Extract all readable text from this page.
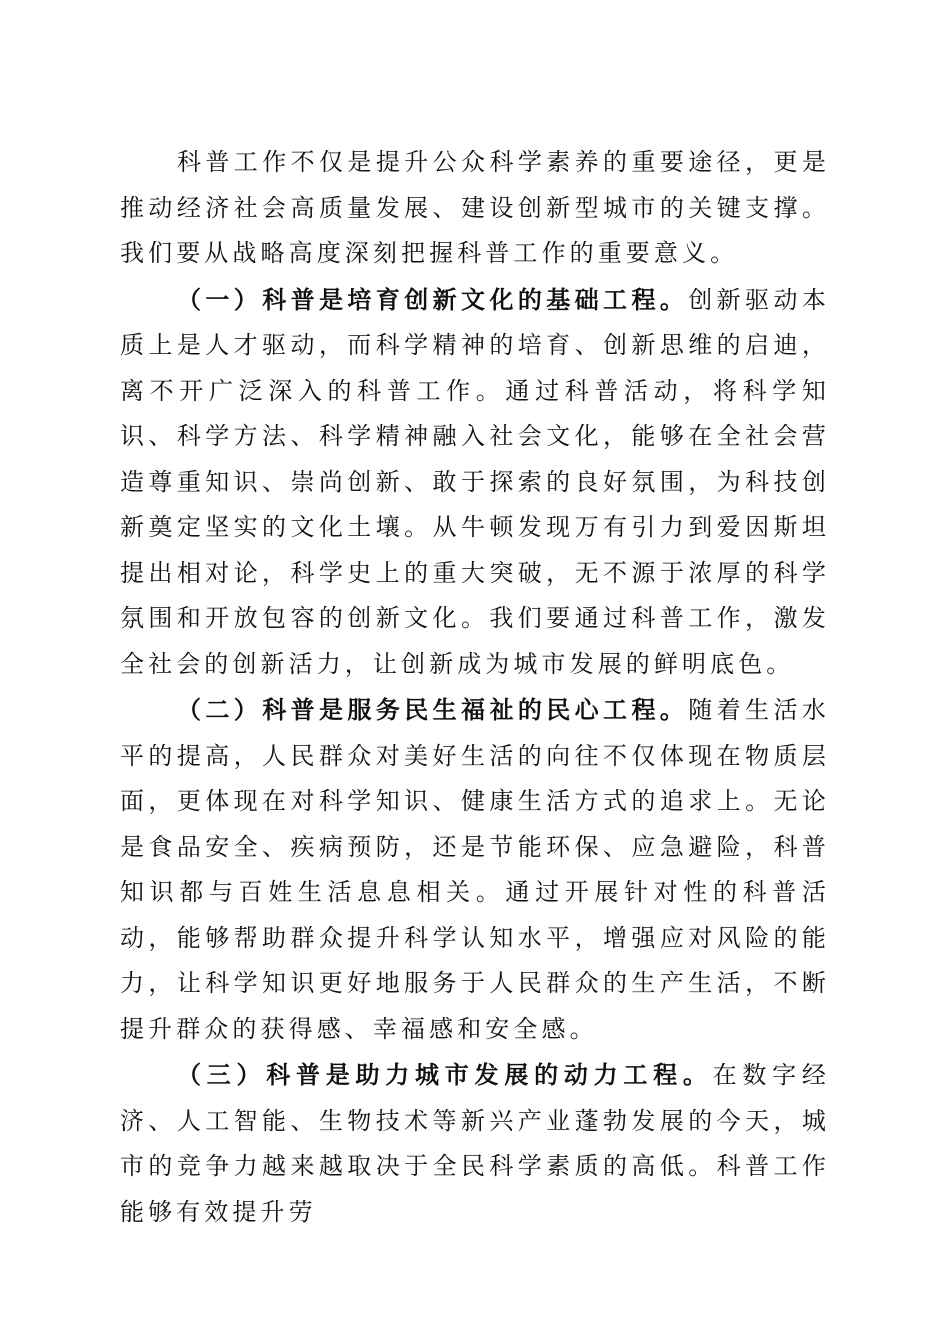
科普工作不仅是提升公众科学素养的重要途径，更是推动经济社会高质量发展、建设创新型城市的关键支撑。我们要从战略高度深刻把握科普工作的重要意义。

（一）科普是培育创新文化的基础工程。创新驱动本质上是人才驱动，而科学精神的培育、创新思维的启迪，离不开广泛深入的科普工作。通过科普活动，将科学知识、科学方法、科学精神融入社会文化，能够在全社会营造尊重知识、崇尚创新、敢于探索的良好氛围，为科技创新奠定坚实的文化土壤。从牛顿发现万有引力到爱因斯坦提出相对论，科学史上的重大突破，无不源于浓厚的科学氛围和开放包容的创新文化。我们要通过科普工作，激发全社会的创新活力，让创新成为城市发展的鲜明底色。

（二）科普是服务民生福祉的民心工程。随着生活水平的提高，人民群众对美好生活的向往不仅体现在物质层面，更体现在对科学知识、健康生活方式的追求上。无论是食品安全、疾病预防，还是节能环保、应急避险，科普知识都与百姓生活息息相关。通过开展针对性的科普活动，能够帮助群众提升科学认知水平，增强应对风险的能力，让科学知识更好地服务于人民群众的生产生活，不断提升群众的获得感、幸福感和安全感。

（三）科普是助力城市发展的动力工程。在数字经济、人工智能、生物技术等新兴产业蓬勃发展的今天，城市的竞争力越来越取决于全民科学素质的高低。科普工作能够有效提升劳
